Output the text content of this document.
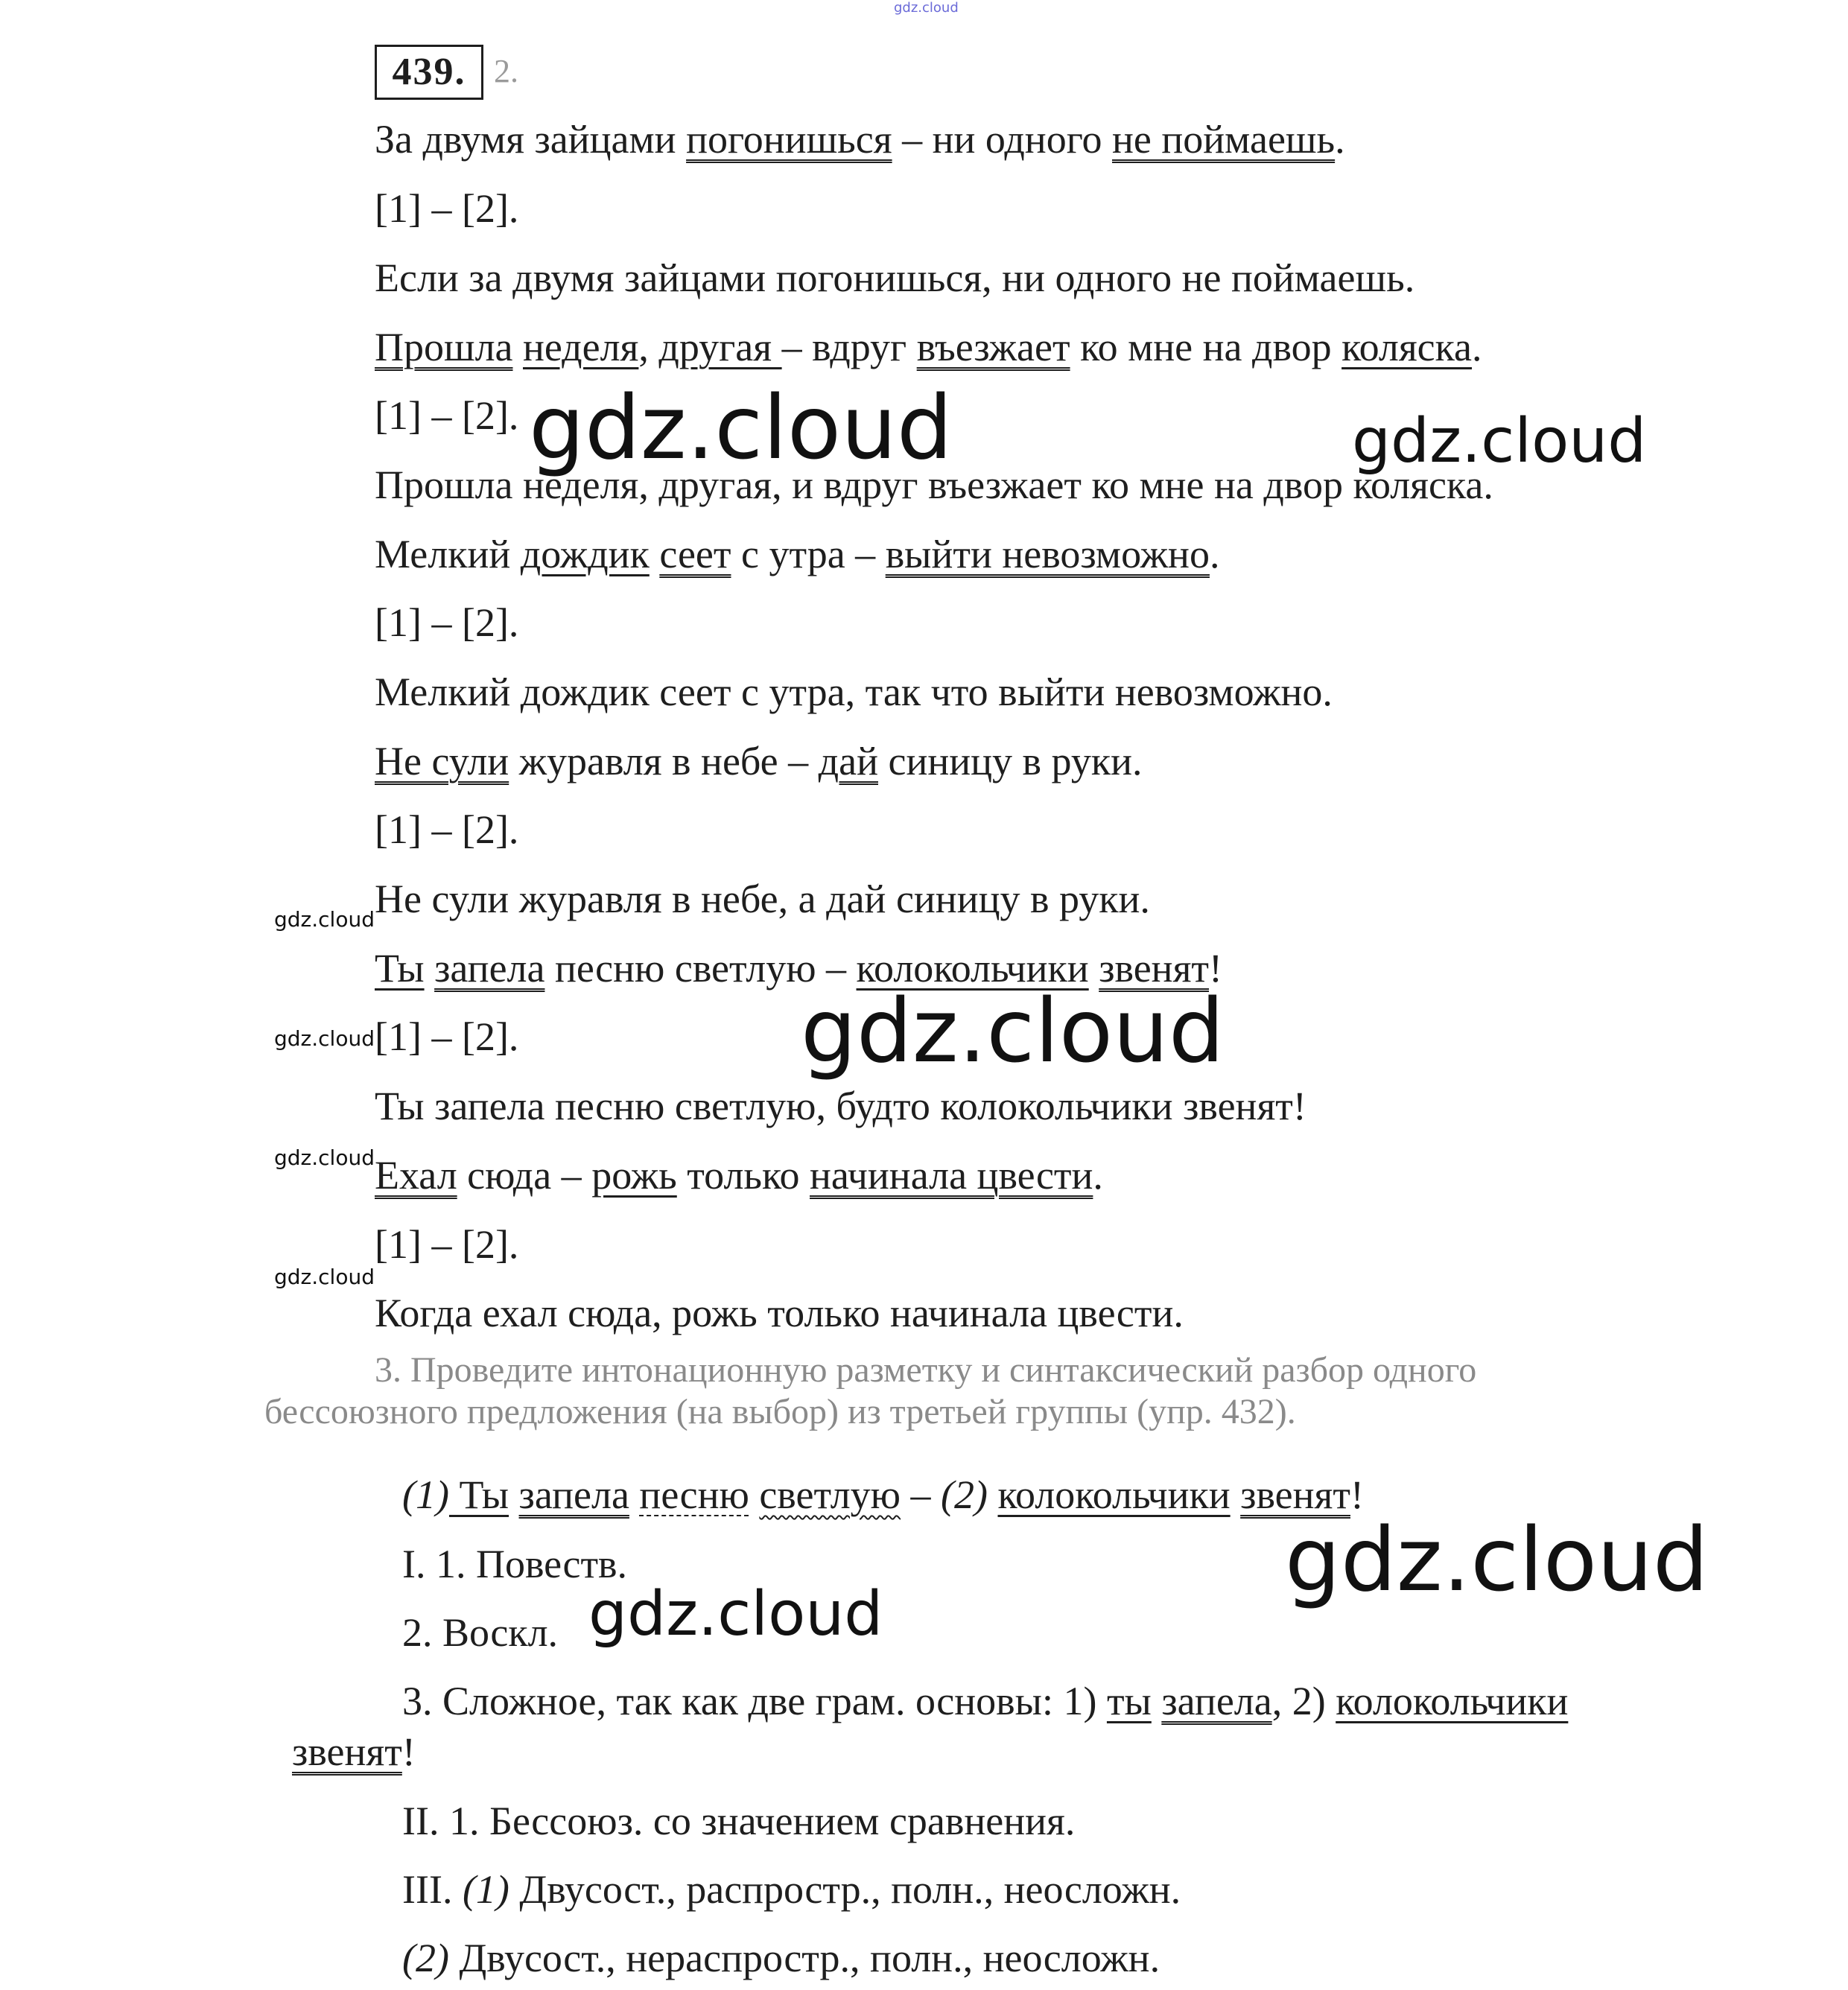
gdz.cloud
439. 2.
За двумя зайцами погонишься – ни одного не поймаешь.
[1] – [2].
Если за двумя зайцами погонишься, ни одного не поймаешь.
Прошла неделя, другая – вдруг въезжает ко мне на двор коляска.
[1] – [2].
Прошла неделя, другая, и вдруг въезжает ко мне на двор коляска.
Мелкий дождик сеет с утра – выйти невозможно.
[1] – [2].
Мелкий дождик сеет с утра, так что выйти невозможно.
Не сули журавля в небе – дай синицу в руки.
[1] – [2].
Не сули журавля в небе, а дай синицу в руки.
Ты запела песню светлую – колокольчики звенят!
[1] – [2].
Ты запела песню светлую, будто колокольчики звенят!
Ехал сюда – рожь только начинала цвести.
[1] – [2].
Когда ехал сюда, рожь только начинала цвести.
3. Проведите интонационную разметку и синтаксический разбор одного
бессоюзного предложения (на выбор) из третьей группы (упр. 432).
(1) Ты запела песню светлую – (2) колокольчики звенят!
I. 1. Повеств.
2. Воскл.
3. Сложное, так как две грам. основы: 1) ты запела, 2) колокольчики
звенят!
II. 1. Бессоюз. со значением сравнения.
III. (1) Двусост., распростр., полн., неосложн.
(2) Двусост., нераспростр., полн., неосложн.
gdz.cloud	gdz.cloud
gdz.cloud
gdz.cloud
gdz.cloud
gdz.cloud
gdz.cloud
gdz.cloud
gdz.cloud
